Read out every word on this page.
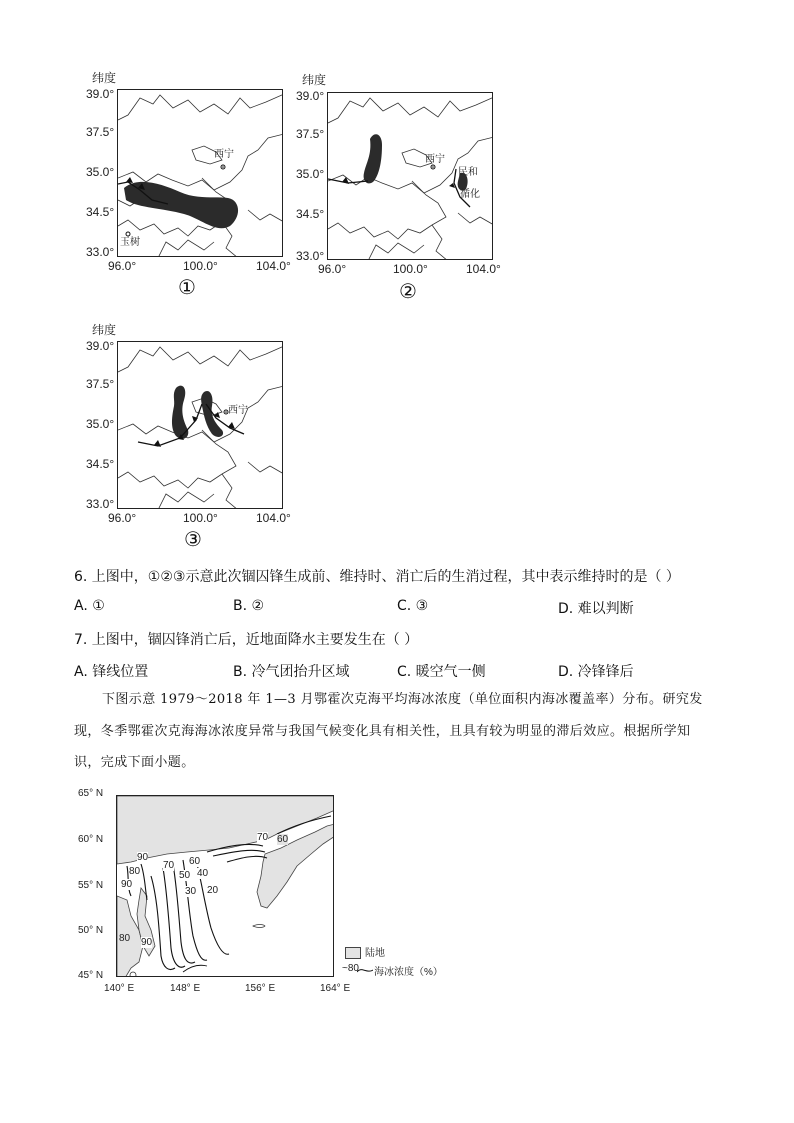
纬度
39.0°
37.5°
35.0°
34.5°
33.0°
西宁
玉树
96.0°	100.0°	104.0°
①
纬度
39.0°
37.5°
35.0°
34.5°
33.0°
西宁
民和
循化
96.0°	100.0°	104.0°
②
纬度
39.0°
37.5°
35.0°
34.5°
33.0°
西宁
96.0°	100.0°	104.0°
③
6. 上图中，①②③示意此次锢囚锋生成前、维持时、消亡后的生消过程，其中表示维持时的是（ ）
A. ①	B. ②	C. ③	D. 难以判断
7. 上图中，锢囚锋消亡后，近地面降水主要发生在（ ）
A. 锋线位置	B. 冷气团抬升区域	C. 暖空气一侧	D. 冷锋锋后
下图示意 1979～2018 年 1—3 月鄂霍次克海平均海冰浓度（单位面积内海冰覆盖率）分布。研究发
现，冬季鄂霍次克海海冰浓度异常与我国气候变化具有相关性，且具有较为明显的滞后效应。根据所学知
识，完成下面小题。
65° N
60° N
55° N
50° N
45° N
90
80
90
80 90
70 60
50 40
30 20
70 60
140° E	148° E	156° E	164° E
陆地
~80 海冰浓度（%）
